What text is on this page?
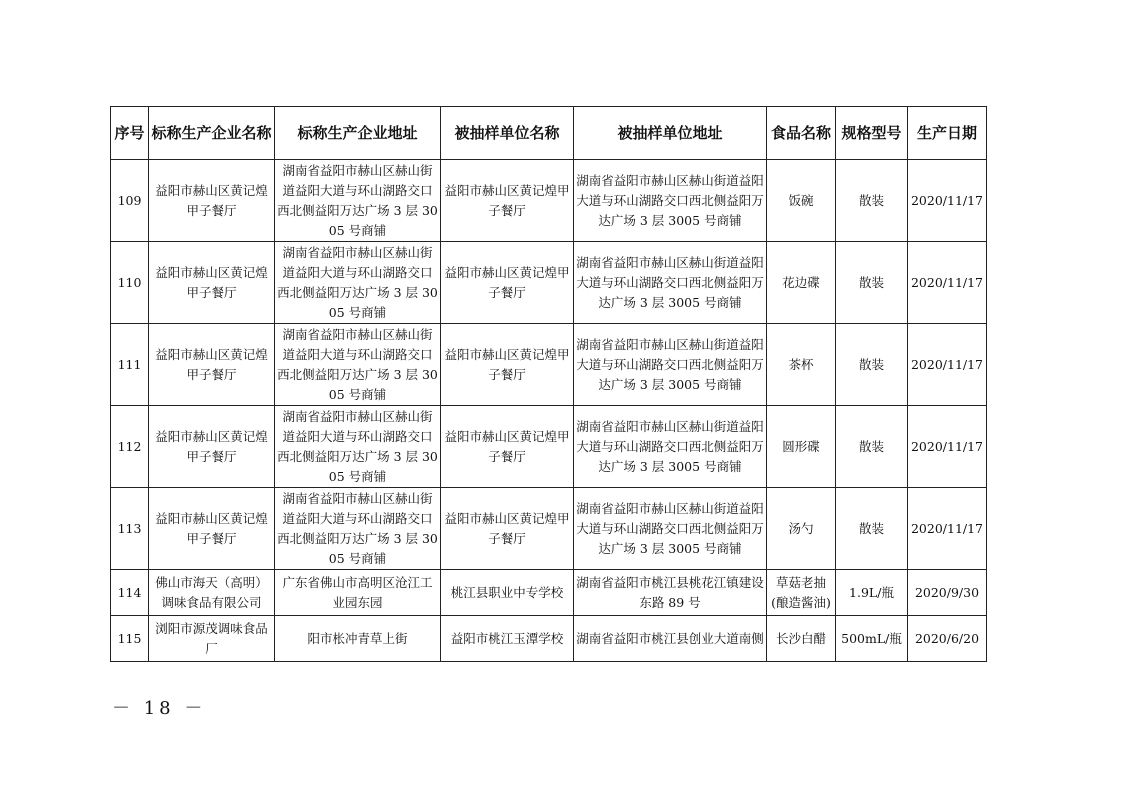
序号	标称生产企业名称	标称生产企业地址	被抽样单位名称	被抽样单位地址	食品名称	规格型号	生产日期
109	益阳市赫山区黄记煌甲子餐厅	湖南省益阳市赫山区赫山街道益阳大道与环山湖路交口西北侧益阳万达广场 3 层 3005 号商铺	益阳市赫山区黄记煌甲子餐厅	湖南省益阳市赫山区赫山街道益阳大道与环山湖路交口西北侧益阳万达广场 3 层 3005 号商铺	饭碗	散装	2020/11/17
110	益阳市赫山区黄记煌甲子餐厅	湖南省益阳市赫山区赫山街道益阳大道与环山湖路交口西北侧益阳万达广场 3 层 3005 号商铺	益阳市赫山区黄记煌甲子餐厅	湖南省益阳市赫山区赫山街道益阳大道与环山湖路交口西北侧益阳万达广场 3 层 3005 号商铺	花边碟	散装	2020/11/17
111	益阳市赫山区黄记煌甲子餐厅	湖南省益阳市赫山区赫山街道益阳大道与环山湖路交口西北侧益阳万达广场 3 层 3005 号商铺	益阳市赫山区黄记煌甲子餐厅	湖南省益阳市赫山区赫山街道益阳大道与环山湖路交口西北侧益阳万达广场 3 层 3005 号商铺	茶杯	散装	2020/11/17
112	益阳市赫山区黄记煌甲子餐厅	湖南省益阳市赫山区赫山街道益阳大道与环山湖路交口西北侧益阳万达广场 3 层 3005 号商铺	益阳市赫山区黄记煌甲子餐厅	湖南省益阳市赫山区赫山街道益阳大道与环山湖路交口西北侧益阳万达广场 3 层 3005 号商铺	圆形碟	散装	2020/11/17
113	益阳市赫山区黄记煌甲子餐厅	湖南省益阳市赫山区赫山街道益阳大道与环山湖路交口西北侧益阳万达广场 3 层 3005 号商铺	益阳市赫山区黄记煌甲子餐厅	湖南省益阳市赫山区赫山街道益阳大道与环山湖路交口西北侧益阳万达广场 3 层 3005 号商铺	汤勺	散装	2020/11/17
114	佛山市海天（高明）调味食品有限公司	广东省佛山市高明区沧江工业园东园	桃江县职业中专学校	湖南省益阳市桃江县桃花江镇建设东路 89 号	草菇老抽(酿造酱油)	1.9L/瓶	2020/9/30
115	浏阳市源茂调味食品厂	阳市枨冲青草上街	益阳市桃江玉潭学校	湖南省益阳市桃江县创业大道南侧	长沙白醋	500mL/瓶	2020/6/20
－ 18 －
